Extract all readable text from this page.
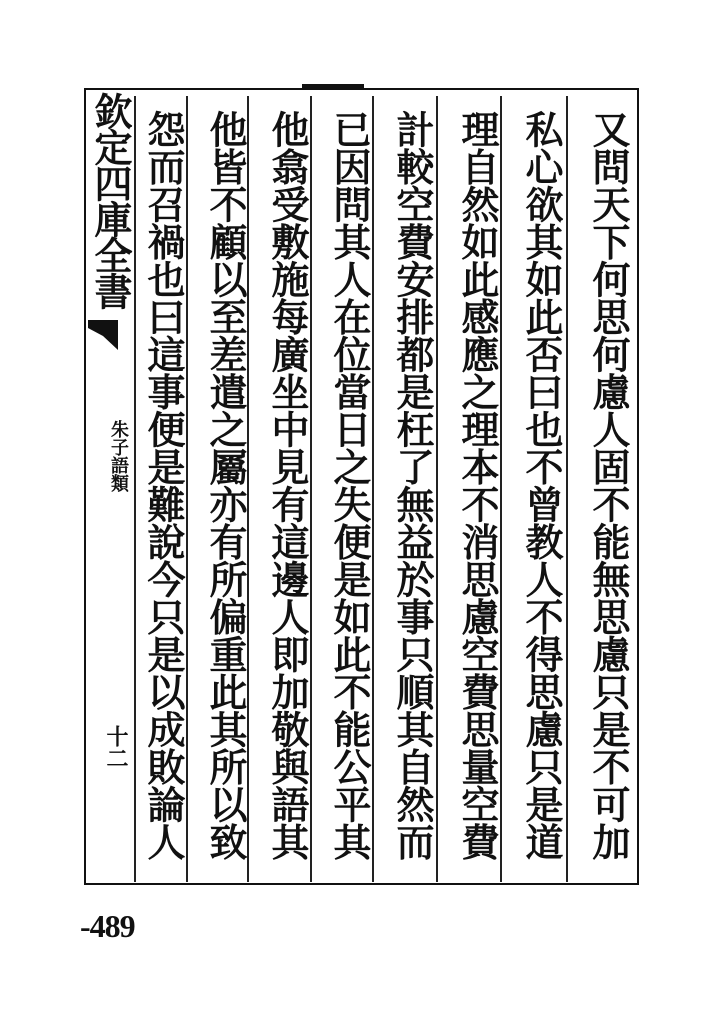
欽定四庫全書
朱子語類
十二	又問天下何思何慮人固不能無思慮只是不可加
私心欲其如此否曰也不曾教人不得思慮只是道
理自然如此感應之理本不消思慮空費思量空費
計較空費安排都是枉了無益於事只順其自然而
已因問其人在位當日之失便是如此不能公平其
他翕受敷施每廣坐中見有這邊人即加敬與語其
他皆不顧以至差遣之屬亦有所偏重此其所以致
怨而召禍也曰這事便是難說今只是以成敗論人
-489
